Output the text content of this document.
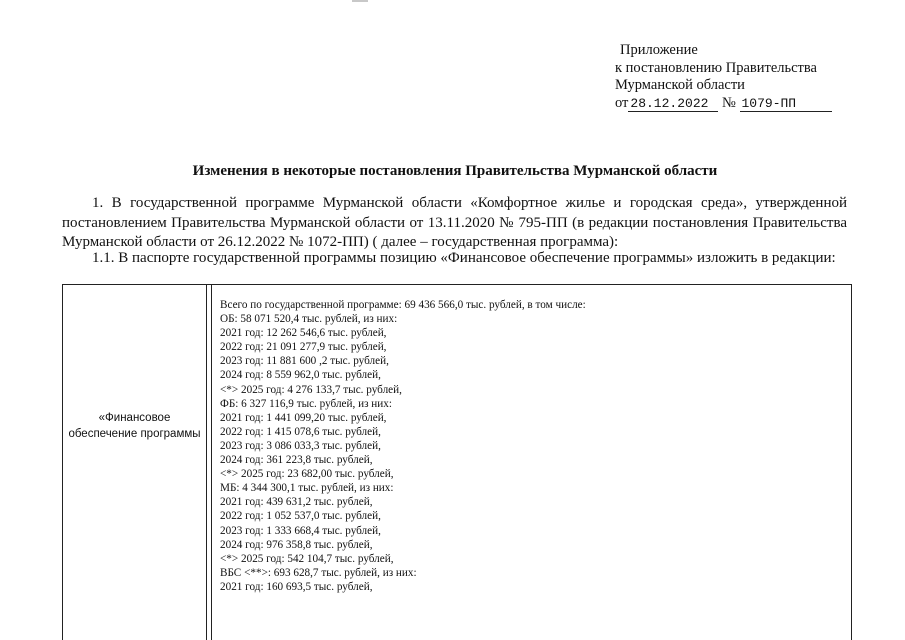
Приложение
к постановлению Правительства
Мурманской области
от 28.12.2022 № 1079-ПП
Изменения в некоторые постановления Правительства Мурманской области
1. В государственной программе Мурманской области «Комфортное жилье и городская среда», утвержденной постановлением Правительства Мурманской области от 13.11.2020 № 795-ПП (в редакции постановления Правительства Мурманской области от 26.12.2022 № 1072-ПП) ( далее – государственная программа):
1.1. В паспорте государственной программы позицию «Финансовое обеспечение программы» изложить в редакции:
«Финансовое
обеспечение программы
Всего по государственной программе: 69 436 566,0 тыс. рублей, в том числе:
ОБ: 58 071 520,4 тыс. рублей, из них:
2021 год: 12 262 546,6 тыс. рублей,
2022 год: 21 091 277,9 тыс. рублей,
2023 год: 11 881 600 ,2 тыс. рублей,
2024 год: 8 559 962,0 тыс. рублей,
<*> 2025 год: 4 276 133,7 тыс. рублей,
ФБ: 6 327 116,9 тыс. рублей, из них:
2021 год: 1 441 099,20 тыс. рублей,
2022 год: 1 415 078,6 тыс. рублей,
2023 год: 3 086 033,3 тыс. рублей,
2024 год: 361 223,8 тыс. рублей,
<*> 2025 год: 23 682,00 тыс. рублей,
МБ: 4 344 300,1 тыс. рублей, из них:
2021 год: 439 631,2 тыс. рублей,
2022 год: 1 052 537,0 тыс. рублей,
2023 год: 1 333 668,4 тыс. рублей,
2024 год: 976 358,8 тыс. рублей,
<*> 2025 год: 542 104,7 тыс. рублей,
ВБС <**>: 693 628,7 тыс. рублей, из них:
2021 год: 160 693,5 тыс. рублей,
